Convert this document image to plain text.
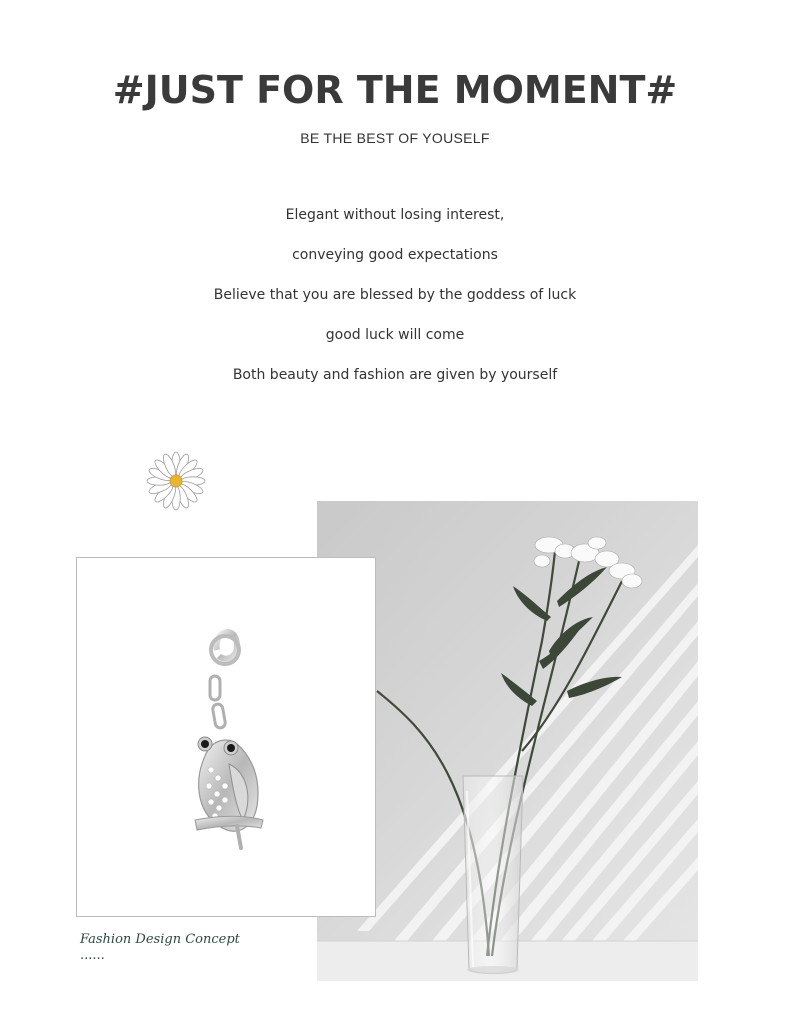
#JUST FOR THE MOMENT#
BE THE BEST OF YOUSELF
Elegant without losing interest,
conveying good expectations
Believe that you are blessed by the goddess of luck
good luck will come
Both beauty and fashion are given by yourself
Fashion Design Concept
......
